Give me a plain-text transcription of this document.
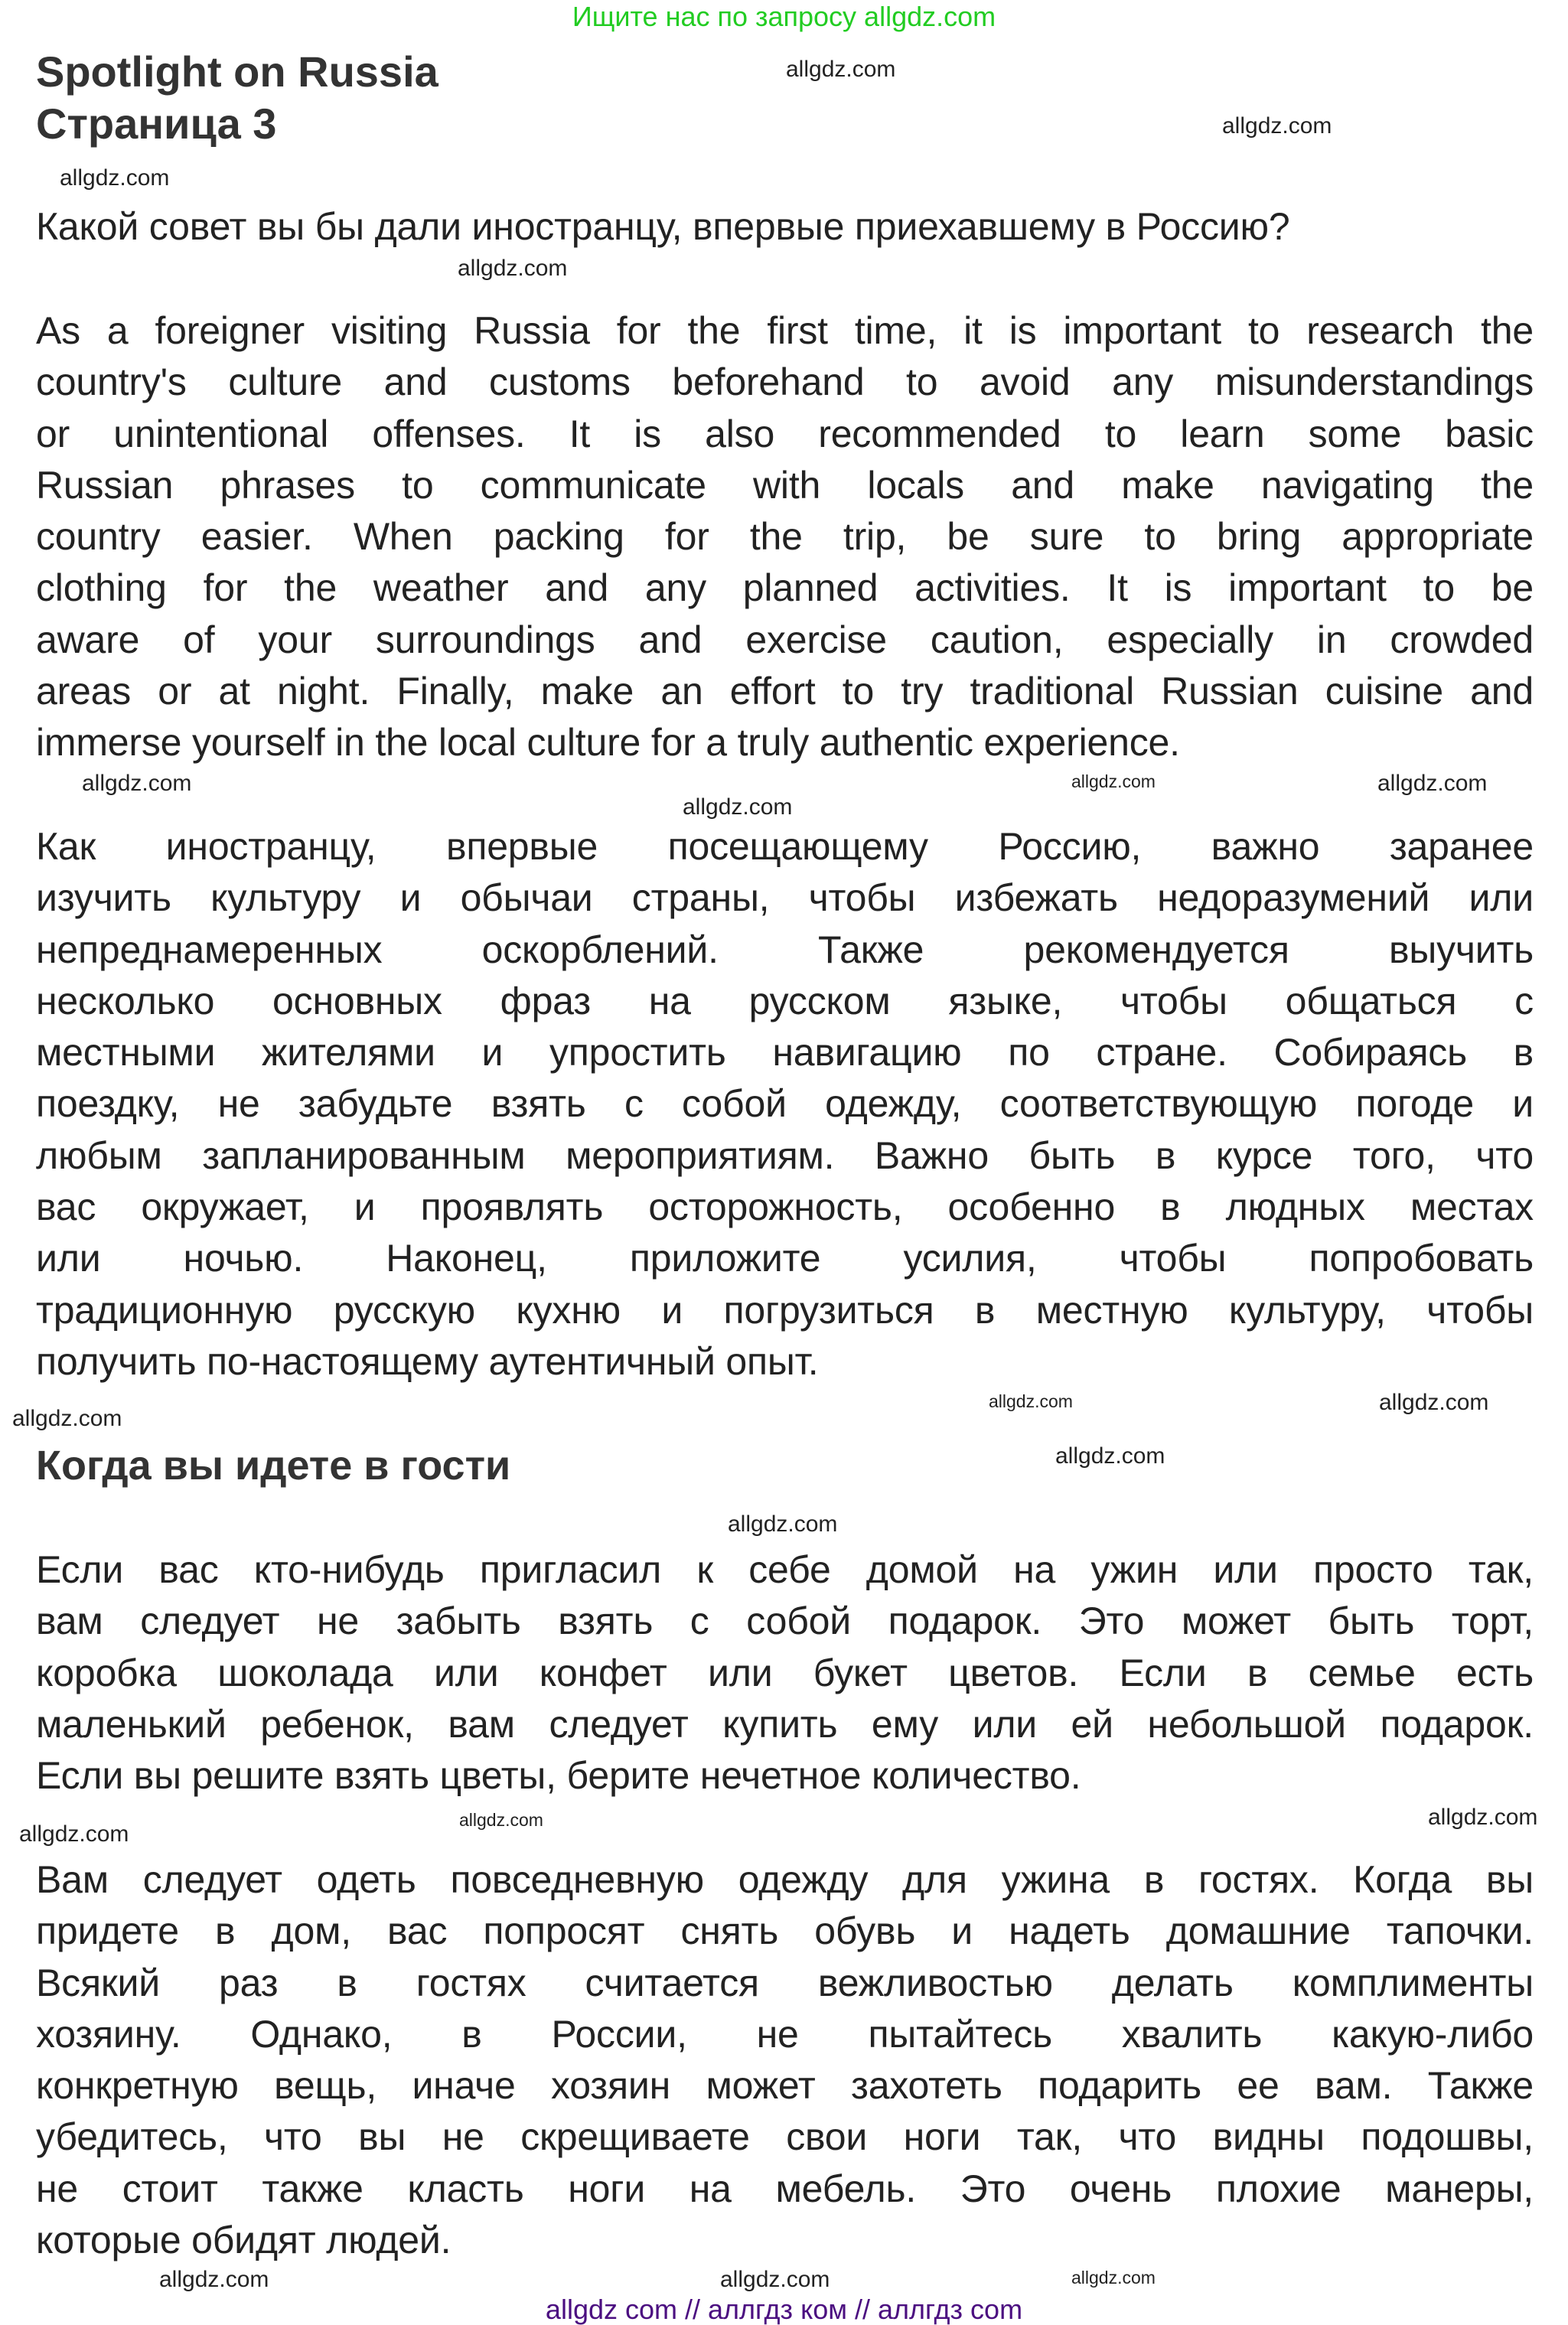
Ищите нас по запросу allgdz.com
Spotlight on Russia
Страница 3
Какой совет вы бы дали иностранцу, впервые приехавшему в Россию?
As a foreigner visiting Russia for the first time, it is important to research the
country's culture and customs beforehand to avoid any misunderstandings
or unintentional offenses. It is also recommended to learn some basic
Russian phrases to communicate with locals and make navigating the
country easier. When packing for the trip, be sure to bring appropriate
clothing for the weather and any planned activities. It is important to be
aware of your surroundings and exercise caution, especially in crowded
areas or at night. Finally, make an effort to try traditional Russian cuisine and
immerse yourself in the local culture for a truly authentic experience.
Как иностранцу, впервые посещающему Россию, важно заранее
изучить культуру и обычаи страны, чтобы избежать недоразумений или
непреднамеренных оскорблений. Также рекомендуется выучить
несколько основных фраз на русском языке, чтобы общаться с
местными жителями и упростить навигацию по стране. Собираясь в
поездку, не забудьте взять с собой одежду, соответствующую погоде и
любым запланированным мероприятиям. Важно быть в курсе того, что
вас окружает, и проявлять осторожность, особенно в людных местах
или ночью. Наконец, приложите усилия, чтобы попробовать
традиционную русскую кухню и погрузиться в местную культуру, чтобы
получить по-настоящему аутентичный опыт.
Когда вы идете в гости
Если вас кто-нибудь пригласил к себе домой на ужин или просто так,
вам следует не забыть взять с собой подарок. Это может быть торт,
коробка шоколада или конфет или букет цветов. Если в семье есть
маленький ребенок, вам следует купить ему или ей небольшой подарок.
Если вы решите взять цветы, берите нечетное количество.
Вам следует одеть повседневную одежду для ужина в гостях. Когда вы
придете в дом, вас попросят снять обувь и надеть домашние тапочки.
Всякий раз в гостях считается вежливостью делать комплименты
хозяину. Однако, в России, не пытайтесь хвалить какую-либо
конкретную вещь, иначе хозяин может захотеть подарить ее вам. Также
убедитесь, что вы не скрещиваете свои ноги так, что видны подошвы,
не стоит также класть ноги на мебель. Это очень плохие манеры,
которые обидят людей.
allgdz.com
allgdz.com
allgdz.com
allgdz.com
allgdz.com	allgdz.com
allgdz.com
allgdz.com
allgdz.com	allgdz.com
allgdz.com
allgdz.com
allgdz.com
allgdz.com	allgdz.com
allgdz.com
allgdz.com
allgdz.com
allgdz.com
allgdz com // аллгдз ком // аллгдз com
